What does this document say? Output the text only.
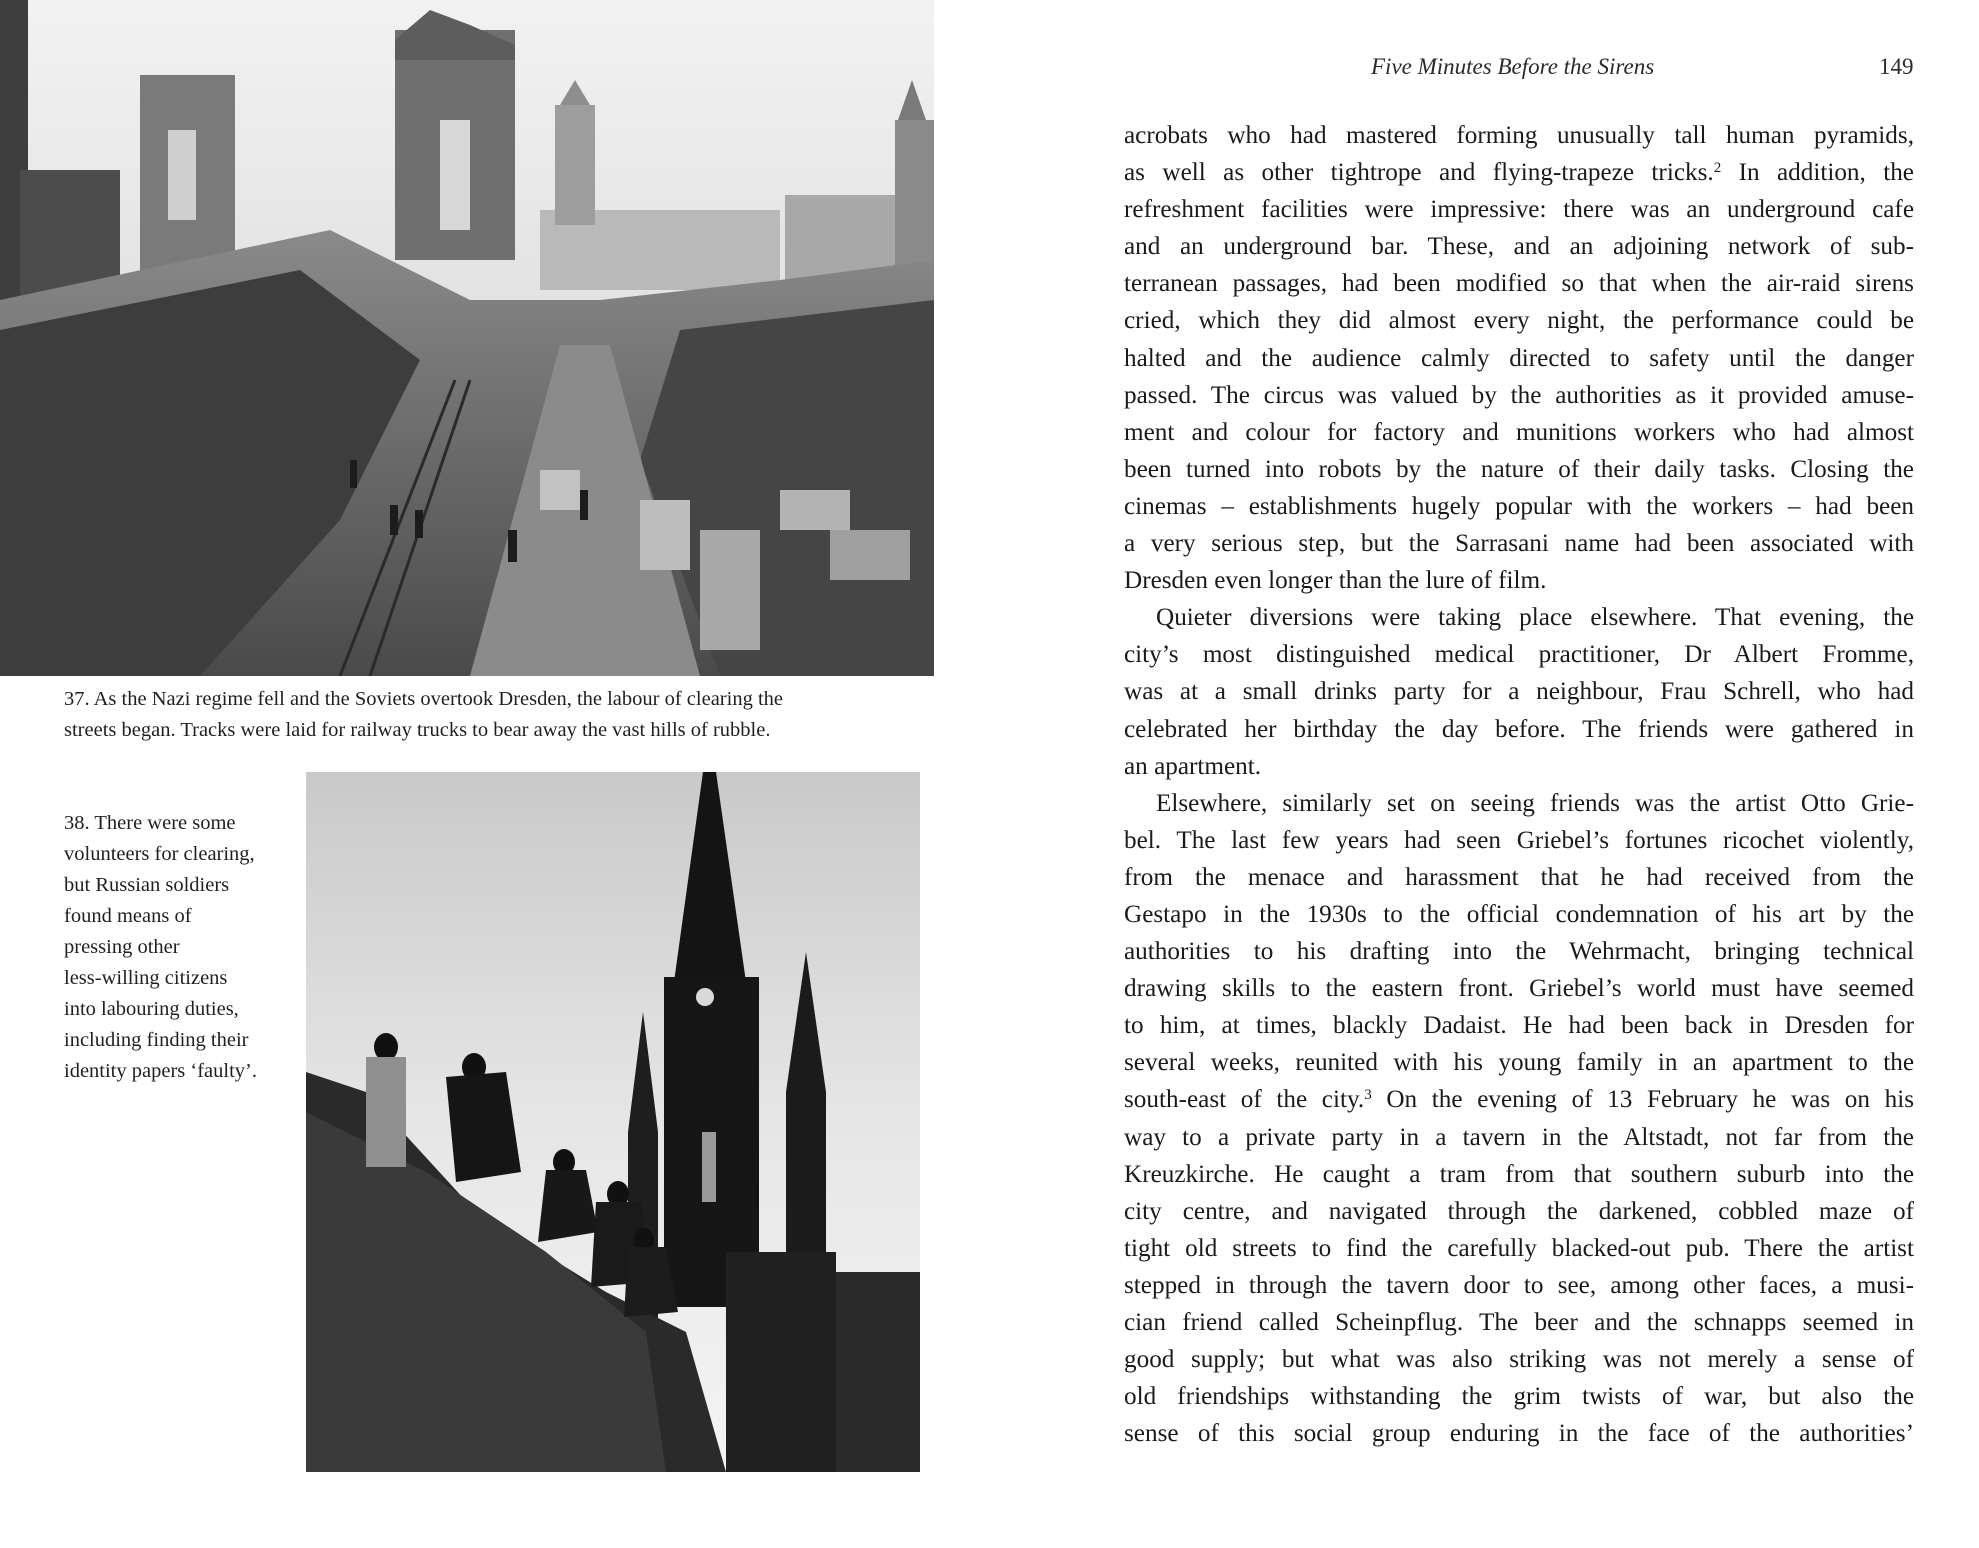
37. As the Nazi regime fell and the Soviets overtook Dresden, the labour of clearing the
streets began. Tracks were laid for railway trucks to bear away the vast hills of rubble.
38. There were some
volunteers for clearing,
but Russian soldiers
found means of
pressing other
less-willing citizens
into labouring duties,
including finding their
identity papers ‘faulty’.
Five Minutes Before the Sirens	149
acrobats who had mastered forming unusually tall human pyramids,
as well as other tightrope and flying-trapeze tricks.$^2$ In addition, the
refreshment facilities were impressive: there was an underground cafe
and an underground bar. These, and an adjoining network of sub-
terranean passages, had been modified so that when the air-raid sirens
cried, which they did almost every night, the performance could be
halted and the audience calmly directed to safety until the danger
passed. The circus was valued by the authorities as it provided amuse-
ment and colour for factory and munitions workers who had almost
been turned into robots by the nature of their daily tasks. Closing the
cinemas – establishments hugely popular with the workers – had been
a very serious step, but the Sarrasani name had been associated with
Dresden even longer than the lure of film.
Quieter diversions were taking place elsewhere. That evening, the
city’s most distinguished medical practitioner, Dr Albert Fromme,
was at a small drinks party for a neighbour, Frau Schrell, who had
celebrated her birthday the day before. The friends were gathered in
an apartment.
Elsewhere, similarly set on seeing friends was the artist Otto Grie-
bel. The last few years had seen Griebel’s fortunes ricochet violently,
from the menace and harassment that he had received from the
Gestapo in the 1930s to the official condemnation of his art by the
authorities to his drafting into the Wehrmacht, bringing technical
drawing skills to the eastern front. Griebel’s world must have seemed
to him, at times, blackly Dadaist. He had been back in Dresden for
several weeks, reunited with his young family in an apartment to the
south-east of the city.$^3$ On the evening of 13 February he was on his
way to a private party in a tavern in the Altstadt, not far from the
Kreuzkirche. He caught a tram from that southern suburb into the
city centre, and navigated through the darkened, cobbled maze of
tight old streets to find the carefully blacked-out pub. There the artist
stepped in through the tavern door to see, among other faces, a musi-
cian friend called Scheinpflug. The beer and the schnapps seemed in
good supply; but what was also striking was not merely a sense of
old friendships withstanding the grim twists of war, but also the
sense of this social group enduring in the face of the authorities’
